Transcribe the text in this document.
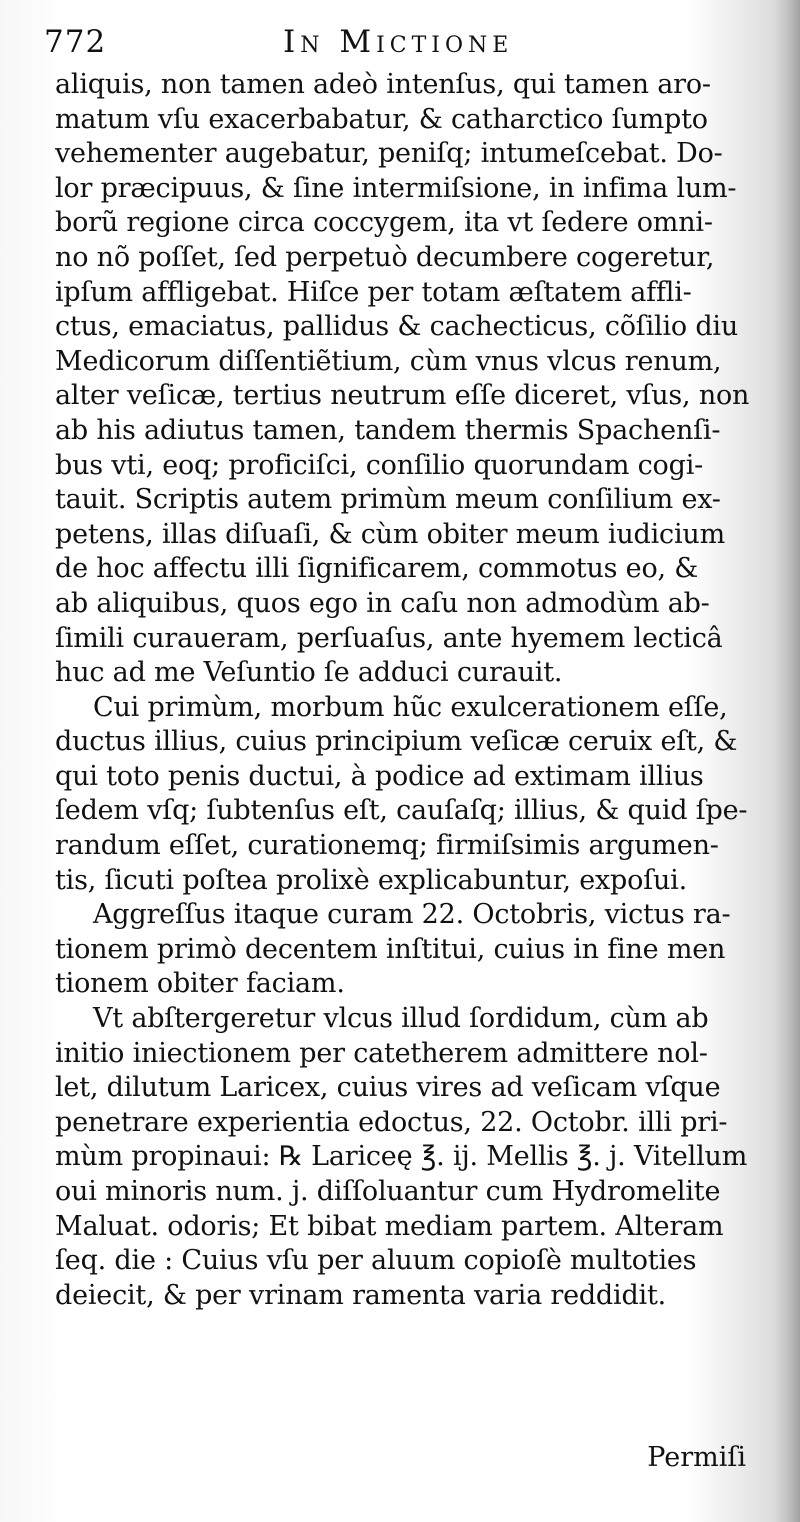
772	In Mictione
aliquis, non tamen adeò intenſus, qui tamen aro-
matum vſu exacerbabatur, & catharctico ſumpto
vehementer augebatur, peniſq; intumeſcebat. Do-
lor præcipuus, & ſine intermiſsione, in infima lum-
borũ regione circa coccygem, ita vt ſedere omni-
no nõ poſſet, ſed perpetuò decumbere cogeretur,
ipſum affligebat. Hiſce per totam æſtatem affli-
ctus, emaciatus, pallidus & cachecticus, cõſilio diu
Medicorum diſſentiẽtium, cùm vnus vlcus renum,
alter veſicæ, tertius neutrum eſſe diceret, vſus, non
ab his adiutus tamen, tandem thermis Spachenſi-
bus vti, eoq; proficiſci, conſilio quorundam cogi-
tauit. Scriptis autem primùm meum conſilium ex-
petens, illas diſuaſi, & cùm obiter meum iudicium
de hoc affectu illi ſignificarem, commotus eo, &
ab aliquibus, quos ego in caſu non admodùm ab-
ſimili curaueram, perſuaſus, ante hyemem lecticâ
huc ad me Veſuntio ſe adduci curauit.
Cui primùm, morbum hũc exulcerationem eſſe,
ductus illius, cuius principium veſicæ ceruix eſt, &
qui toto penis ductui, à podice ad extimam illius
ſedem vſq; ſubtenſus eſt, cauſaſq; illius, & quid ſpe-
randum eſſet, curationemq; firmiſsimis argumen-
tis, ſicuti poſtea prolixè explicabuntur, expoſui.
Aggreſſus itaque curam 22. Octobris, victus ra-
tionem primò decentem inſtitui, cuius in fine men
tionem obiter faciam.
Vt abſtergeretur vlcus illud ſordidum, cùm ab
initio iniectionem per catetherem admittere nol-
let, dilutum Laricex, cuius vires ad veſicam vſque
penetrare experientia edoctus, 22. Octobr. illi pri-
mùm propinaui: ℞ Lariceę ℥. ij. Mellis ℥. j. Vitellum
oui minoris num. j. diſſoluantur cum Hydromelite
Maluat. odoris; Et bibat mediam partem. Alteram
ſeq. die : Cuius vſu per aluum copioſè multoties
deiecit, & per vrinam ramenta varia reddidit.
Permiſi
